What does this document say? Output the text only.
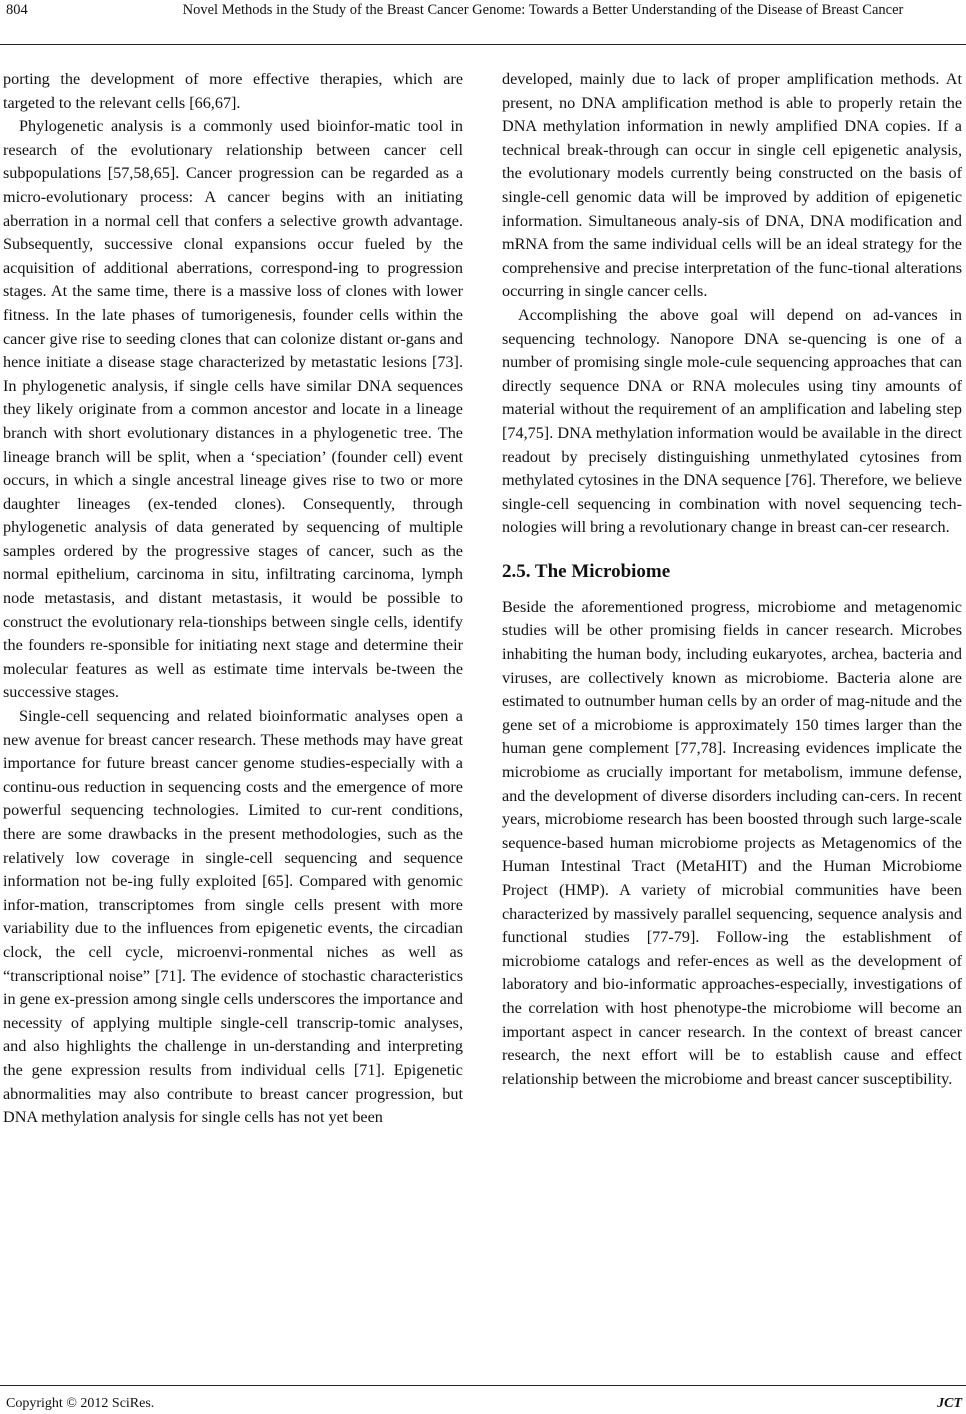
804	Novel Methods in the Study of the Breast Cancer Genome: Towards a Better Understanding of the Disease of Breast Cancer

porting the development of more effective therapies, which are targeted to the relevant cells [66,67].

Phylogenetic analysis is a commonly used bioinfor-matic tool in research of the evolutionary relationship between cancer cell subpopulations [57,58,65]. Cancer progression can be regarded as a micro-evolutionary process: A cancer begins with an initiating aberration in a normal cell that confers a selective growth advantage. Subsequently, successive clonal expansions occur fueled by the acquisition of additional aberrations, correspond-ing to progression stages. At the same time, there is a massive loss of clones with lower fitness. In the late phases of tumorigenesis, founder cells within the cancer give rise to seeding clones that can colonize distant or-gans and hence initiate a disease stage characterized by metastatic lesions [73]. In phylogenetic analysis, if single cells have similar DNA sequences they likely originate from a common ancestor and locate in a lineage branch with short evolutionary distances in a phylogenetic tree. The lineage branch will be split, when a ‘speciation’ (founder cell) event occurs, in which a single ancestral lineage gives rise to two or more daughter lineages (ex-tended clones). Consequently, through phylogenetic analysis of data generated by sequencing of multiple samples ordered by the progressive stages of cancer, such as the normal epithelium, carcinoma in situ, infiltrating carcinoma, lymph node metastasis, and distant metastasis, it would be possible to construct the evolutionary rela-tionships between single cells, identify the founders re-sponsible for initiating next stage and determine their molecular features as well as estimate time intervals be-tween the successive stages.

Single-cell sequencing and related bioinformatic analyses open a new avenue for breast cancer research. These methods may have great importance for future breast cancer genome studies-especially with a continu-ous reduction in sequencing costs and the emergence of more powerful sequencing technologies. Limited to cur-rent conditions, there are some drawbacks in the present methodologies, such as the relatively low coverage in single-cell sequencing and sequence information not be-ing fully exploited [65]. Compared with genomic infor-mation, transcriptomes from single cells present with more variability due to the influences from epigenetic events, the circadian clock, the cell cycle, microenvi-ronmental niches as well as “transcriptional noise” [71]. The evidence of stochastic characteristics in gene ex-pression among single cells underscores the importance and necessity of applying multiple single-cell transcrip-tomic analyses, and also highlights the challenge in un-derstanding and interpreting the gene expression results from individual cells [71]. Epigenetic abnormalities may also contribute to breast cancer progression, but DNA methylation analysis for single cells has not yet been

developed, mainly due to lack of proper amplification methods. At present, no DNA amplification method is able to properly retain the DNA methylation information in newly amplified DNA copies. If a technical break-through can occur in single cell epigenetic analysis, the evolutionary models currently being constructed on the basis of single-cell genomic data will be improved by addition of epigenetic information. Simultaneous analy-sis of DNA, DNA modification and mRNA from the same individual cells will be an ideal strategy for the comprehensive and precise interpretation of the func-tional alterations occurring in single cancer cells.

Accomplishing the above goal will depend on ad-vances in sequencing technology. Nanopore DNA se-quencing is one of a number of promising single mole-cule sequencing approaches that can directly sequence DNA or RNA molecules using tiny amounts of material without the requirement of an amplification and labeling step [74,75]. DNA methylation information would be available in the direct readout by precisely distinguishing unmethylated cytosines from methylated cytosines in the DNA sequence [76]. Therefore, we believe single-cell sequencing in combination with novel sequencing tech-nologies will bring a revolutionary change in breast can-cer research.

2.5. The Microbiome

Beside the aforementioned progress, microbiome and metagenomic studies will be other promising fields in cancer research. Microbes inhabiting the human body, including eukaryotes, archea, bacteria and viruses, are collectively known as microbiome. Bacteria alone are estimated to outnumber human cells by an order of mag-nitude and the gene set of a microbiome is approximately 150 times larger than the human gene complement [77,78]. Increasing evidences implicate the microbiome as crucially important for metabolism, immune defense, and the development of diverse disorders including can-cers. In recent years, microbiome research has been boosted through such large-scale sequence-based human microbiome projects as Metagenomics of the Human Intestinal Tract (MetaHIT) and the Human Microbiome Project (HMP). A variety of microbial communities have been characterized by massively parallel sequencing, sequence analysis and functional studies [77-79]. Follow-ing the establishment of microbiome catalogs and refer-ences as well as the development of laboratory and bio-informatic approaches-especially, investigations of the correlation with host phenotype-the microbiome will become an important aspect in cancer research. In the context of breast cancer research, the next effort will be to establish cause and effect relationship between the microbiome and breast cancer susceptibility.

Copyright © 2012 SciRes.	JCT
